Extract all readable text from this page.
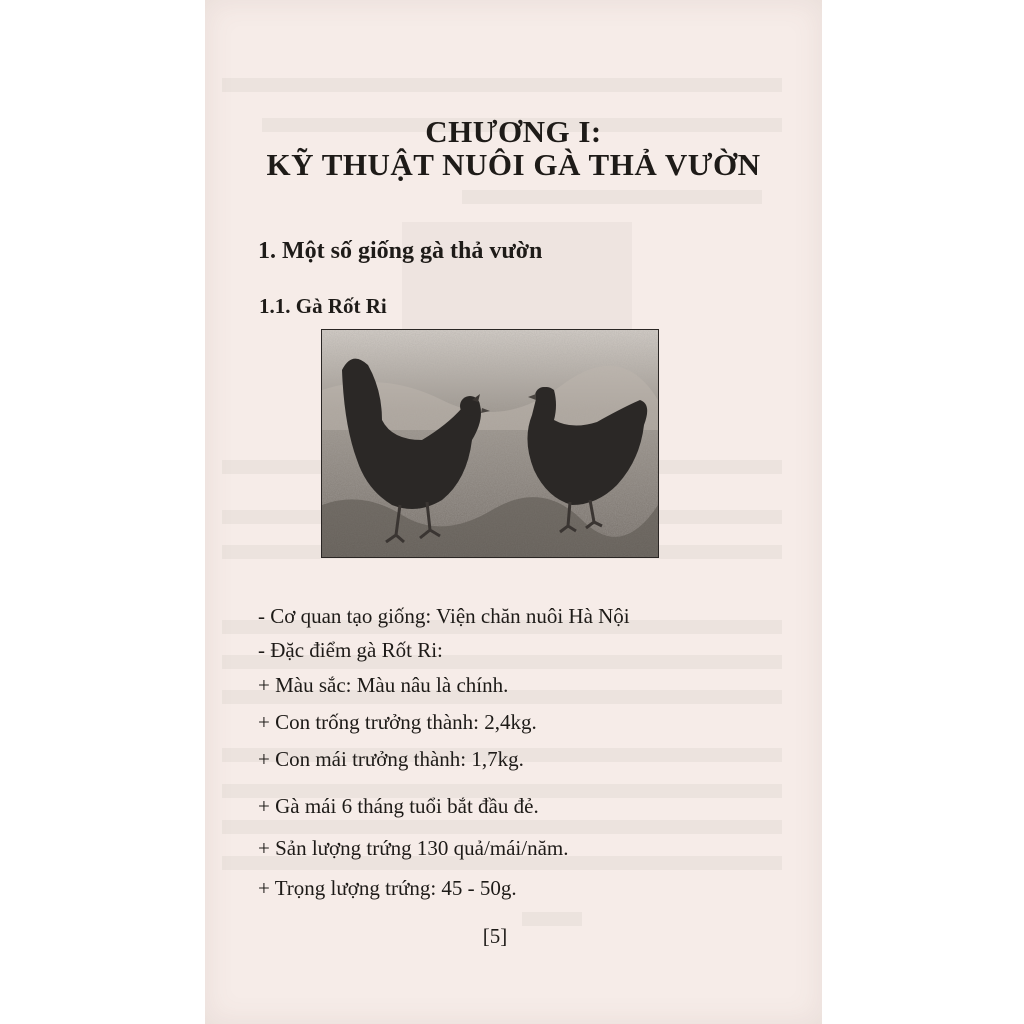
CHƯƠNG I:
KỸ THUẬT NUÔI GÀ THẢ VƯỜN
1. Một số giống gà thả vườn
1.1. Gà Rốt Ri

- Cơ quan tạo giống: Viện chăn nuôi Hà Nội

- Đặc điểm gà Rốt Ri:

+ Màu sắc: Màu nâu là chính.

+ Con trống trưởng thành: 2,4kg.

+ Con mái trưởng thành: 1,7kg.

+ Gà mái 6 tháng tuổi bắt đầu đẻ.

+ Sản lượng trứng 130 quả/mái/năm.

+ Trọng lượng trứng: 45 - 50g.

[5]
